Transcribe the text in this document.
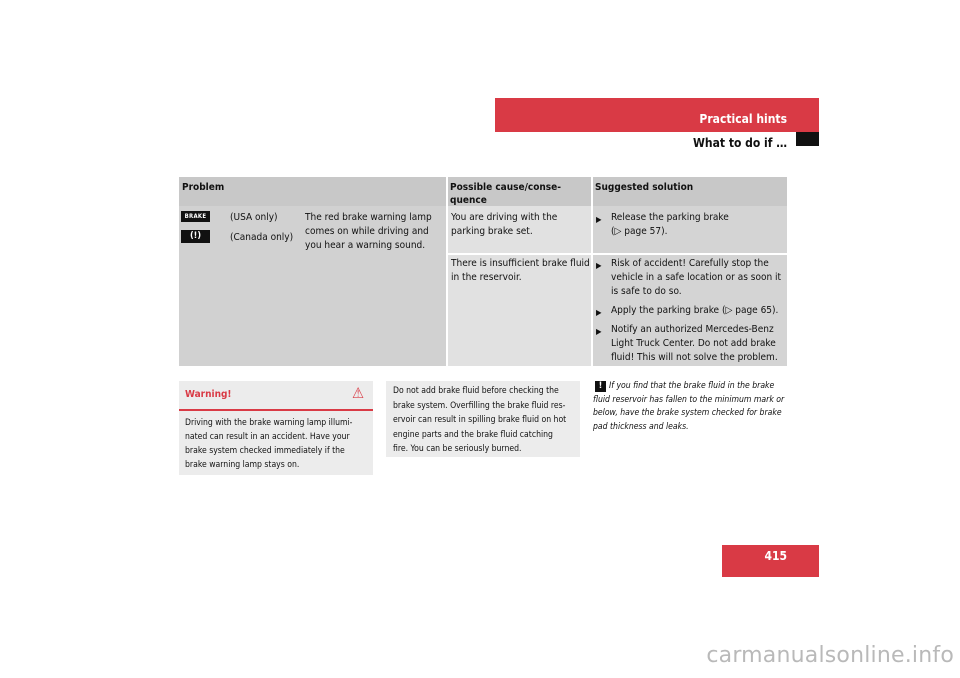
Practical hints
What to do if …
Problem	Possible cause/conse-
quence
Suggested solution
BRAKE
(!)
(USA only)
(Canada only)
The red brake warning lamp
comes on while driving and
you hear a warning sound.
You are driving with the
parking brake set.
▶ Release the parking brake
(▷ page 57).
There is insufficient brake fluid
in the reservoir.
▶ Risk of accident! Carefully stop the
vehicle in a safe location or as soon it
is safe to do so.
▶ Apply the parking brake (▷ page 65).
▶ Notify an authorized Mercedes-Benz
Light Truck Center. Do not add brake
fluid! This will not solve the problem.
Warning!	⚠
Driving with the brake warning lamp illumi-
nated can result in an accident. Have your
brake system checked immediately if the
brake warning lamp stays on.
Do not add brake fluid before checking the
brake system. Overfilling the brake fluid res-
ervoir can result in spilling brake fluid on hot
engine parts and the brake fluid catching
fire. You can be seriously burned.
! If you find that the brake fluid in the brake
fluid reservoir has fallen to the minimum mark or
below, have the brake system checked for brake
pad thickness and leaks.
415
carmanualsonline.info
